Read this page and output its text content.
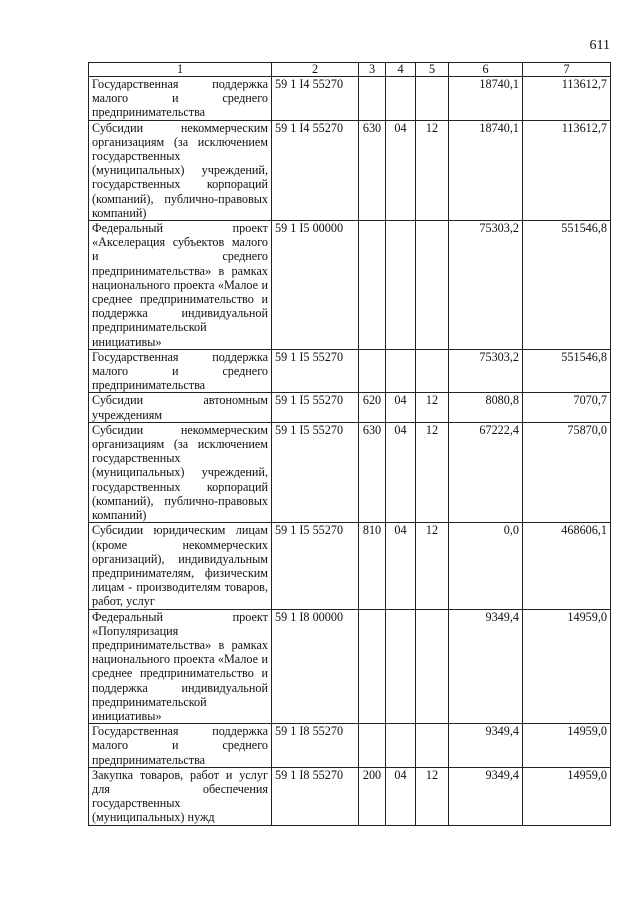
611
1	2	3	4	5	6	7
Государственная поддержка малого и среднего предпринимательства	59 1 I4 55270				18740,1	113612,7
Субсидии некоммерческим организациям (за исключением государственных (муниципальных) учреждений, государственных корпораций (компаний), публично-правовых компаний)	59 1 I4 55270	630	04	12	18740,1	113612,7
Федеральный проект «Акселерация субъектов малого и среднего предпринимательства» в рамках национального проекта «Малое и среднее предпринимательство и поддержка индивидуальной предпринимательской инициативы»	59 1 I5 00000				75303,2	551546,8
Государственная поддержка малого и среднего предпринимательства	59 1 I5 55270				75303,2	551546,8
Субсидии автономным учреждениям	59 1 I5 55270	620	04	12	8080,8	7070,7
Субсидии некоммерческим организациям (за исключением государственных (муниципальных) учреждений, государственных корпораций (компаний), публично-правовых компаний)	59 1 I5 55270	630	04	12	67222,4	75870,0
Субсидии юридическим лицам (кроме некоммерческих организаций), индивидуальным предпринимателям, физическим лицам - производителям товаров, работ, услуг	59 1 I5 55270	810	04	12	0,0	468606,1
Федеральный проект «Популяризация предпринимательства» в рамках национального проекта «Малое и среднее предпринимательство и поддержка индивидуальной предпринимательской инициативы»	59 1 I8 00000				9349,4	14959,0
Государственная поддержка малого и среднего предпринимательства	59 1 I8 55270				9349,4	14959,0
Закупка товаров, работ и услуг для обеспечения государственных (муниципальных) нужд	59 1 I8 55270	200	04	12	9349,4	14959,0
